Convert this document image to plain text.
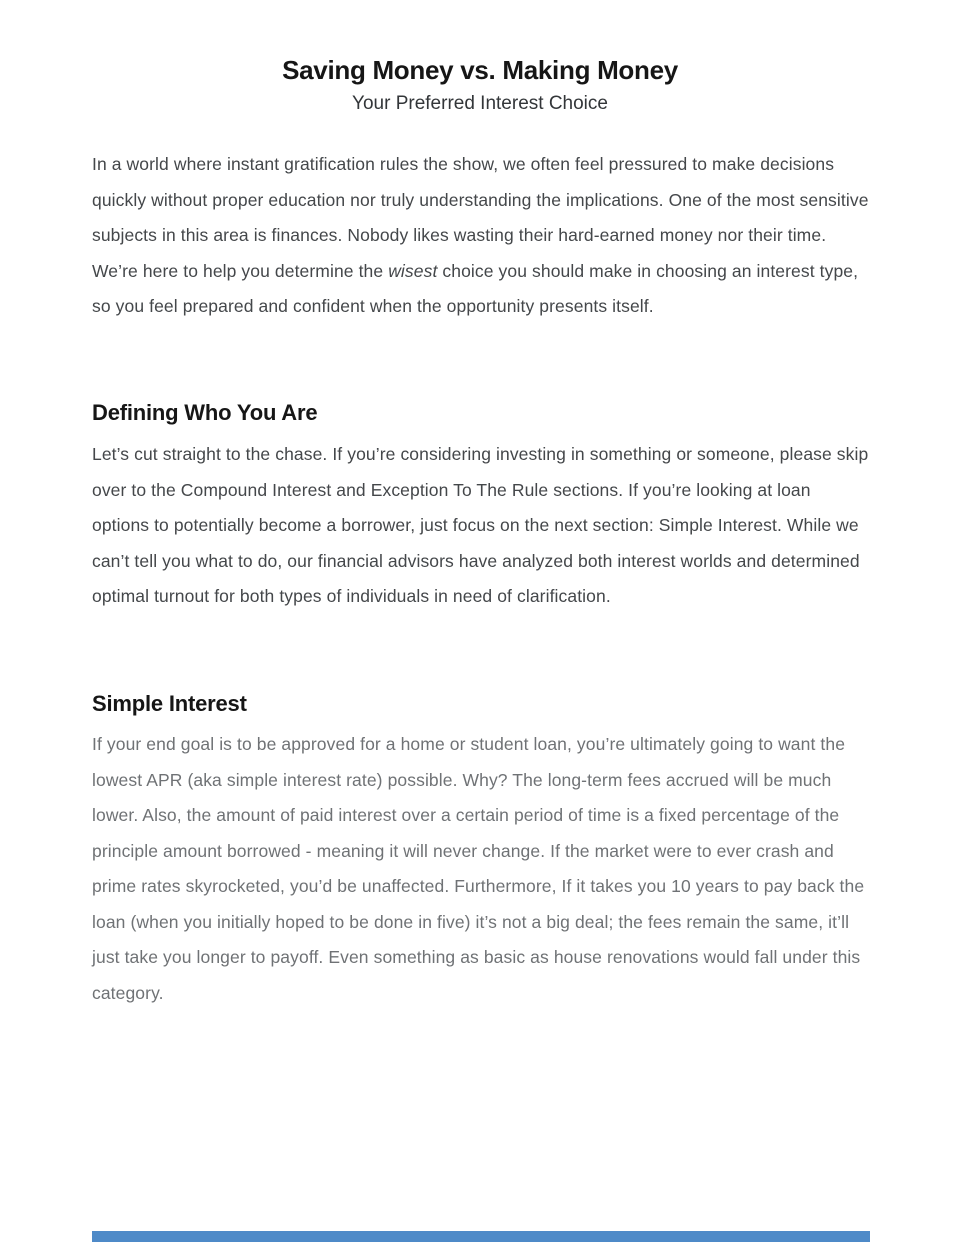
Saving Money vs. Making Money
Your Preferred Interest Choice

In a world where instant gratification rules the show, we often feel pressured to make decisions quickly without proper education nor truly understanding the implications. One of the most sensitive subjects in this area is finances. Nobody likes wasting their hard-earned money nor their time. We’re here to help you determine the wisest choice you should make in choosing an interest type, so you feel prepared and confident when the opportunity presents itself.

Defining Who You Are

Let’s cut straight to the chase. If you’re considering investing in something or someone, please skip over to the Compound Interest and Exception To The Rule sections. If you’re looking at loan options to potentially become a borrower, just focus on the next section: Simple Interest. While we can’t tell you what to do, our financial advisors have analyzed both interest worlds and determined optimal turnout for both types of individuals in need of clarification.

Simple Interest

If your end goal is to be approved for a home or student loan, you’re ultimately going to want the lowest APR (aka simple interest rate) possible. Why? The long-term fees accrued will be much lower. Also, the amount of paid interest over a certain period of time is a fixed percentage of the principle amount borrowed - meaning it will never change. If the market were to ever crash and prime rates skyrocketed, you’d be unaffected. Furthermore, If it takes you 10 years to pay back the loan (when you initially hoped to be done in five) it’s not a big deal; the fees remain the same, it’ll just take you longer to payoff. Even something as basic as house renovations would fall under this category.
